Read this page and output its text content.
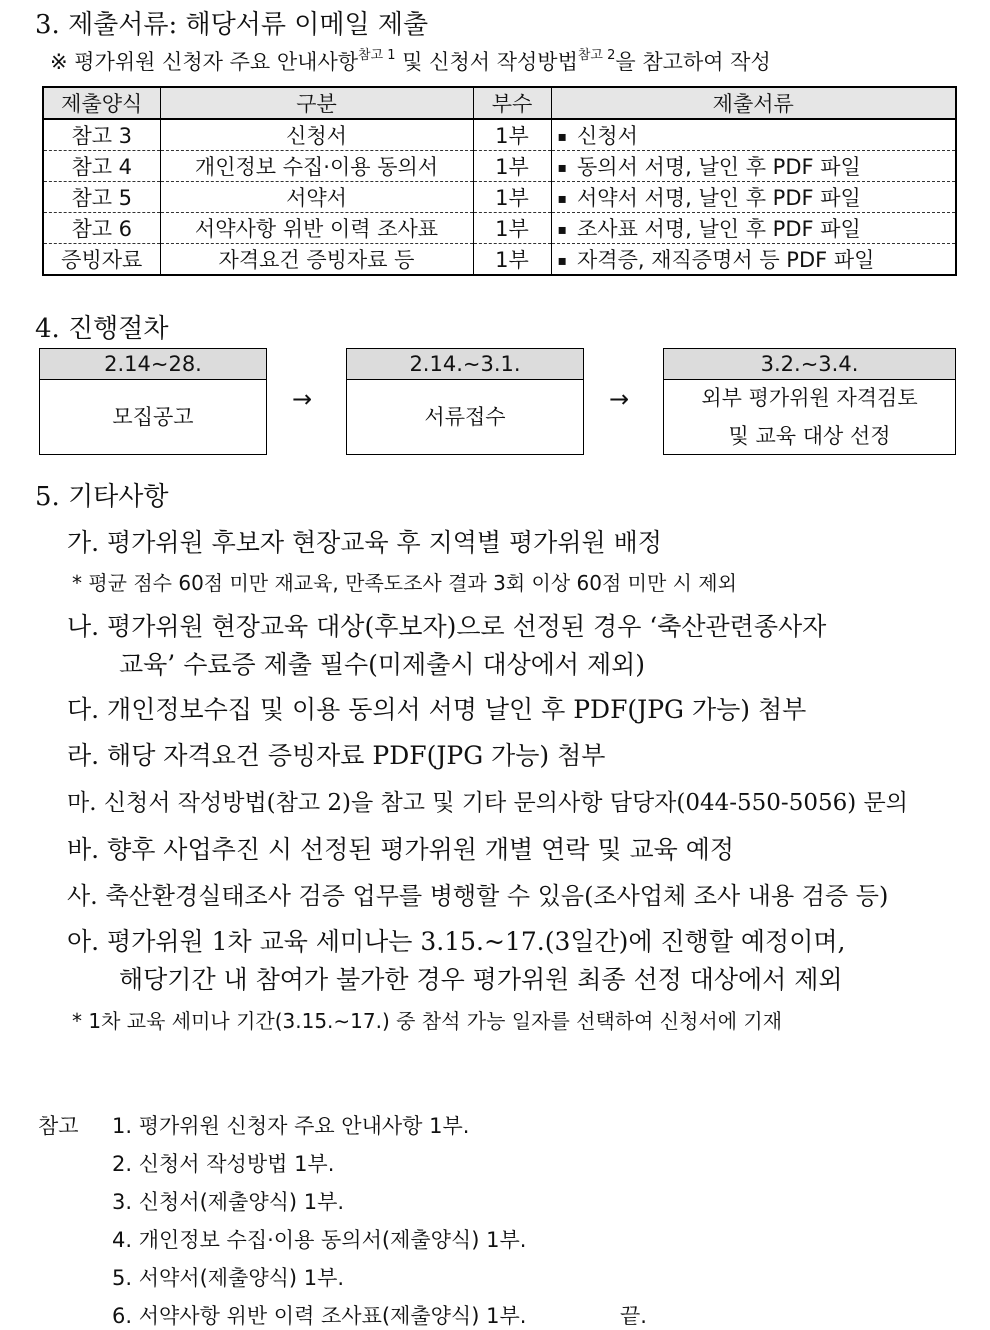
3. 제출서류: 해당서류 이메일 제출
※ 평가위원 신청자 주요 안내사항$^{참고 1}$ 및 신청서 작성방법$^{참고 2}$을 참고하여 작성
제출양식	구분	부수	제출서류
참고 3	신청서	1부	▪ 신청서
참고 4	개인정보 수집·이용 동의서	1부	▪ 동의서 서명, 날인 후 PDF 파일
참고 5	서약서	1부	▪ 서약서 서명, 날인 후 PDF 파일
참고 6	서약사항 위반 이력 조사표	1부	▪ 조사표 서명, 날인 후 PDF 파일
증빙자료	자격요건 증빙자료 등	1부	▪ 자격증, 재직증명서 등 PDF 파일
4. 진행절차
2.14∼28.
모집공고
→
2.14.∼3.1.
서류접수
→
3.2.∼3.4.
외부 평가위원 자격검토
및 교육 대상 선정
5. 기타사항
가. 평가위원 후보자 현장교육 후 지역별 평가위원 배정
* 평균 점수 60점 미만 재교육, 만족도조사 결과 3회 이상 60점 미만 시 제외
나. 평가위원 현장교육 대상(후보자)으로 선정된 경우 ‘축산관련종사자
교육’ 수료증 제출 필수(미제출시 대상에서 제외)
다. 개인정보수집 및 이용 동의서 서명 날인 후 PDF(JPG 가능) 첨부
라. 해당 자격요건 증빙자료 PDF(JPG 가능) 첨부
마. 신청서 작성방법(참고 2)을 참고 및 기타 문의사항 담당자(044-550-5056) 문의
바. 향후 사업추진 시 선정된 평가위원 개별 연락 및 교육 예정
사. 축산환경실태조사 검증 업무를 병행할 수 있음(조사업체 조사 내용 검증 등)
아. 평가위원 1차 교육 세미나는 3.15.~17.(3일간)에 진행할 예정이며,
해당기간 내 참여가 불가한 경우 평가위원 최종 선정 대상에서 제외
* 1차 교육 세미나 기간(3.15.∼17.) 중 참석 가능 일자를 선택하여 신청서에 기재
참고 1. 평가위원 신청자 주요 안내사항 1부.
2. 신청서 작성방법 1부.
3. 신청서(제출양식) 1부.
4. 개인정보 수집·이용 동의서(제출양식) 1부.
5. 서약서(제출양식) 1부.
6. 서약사항 위반 이력 조사표(제출양식) 1부.	끝.
